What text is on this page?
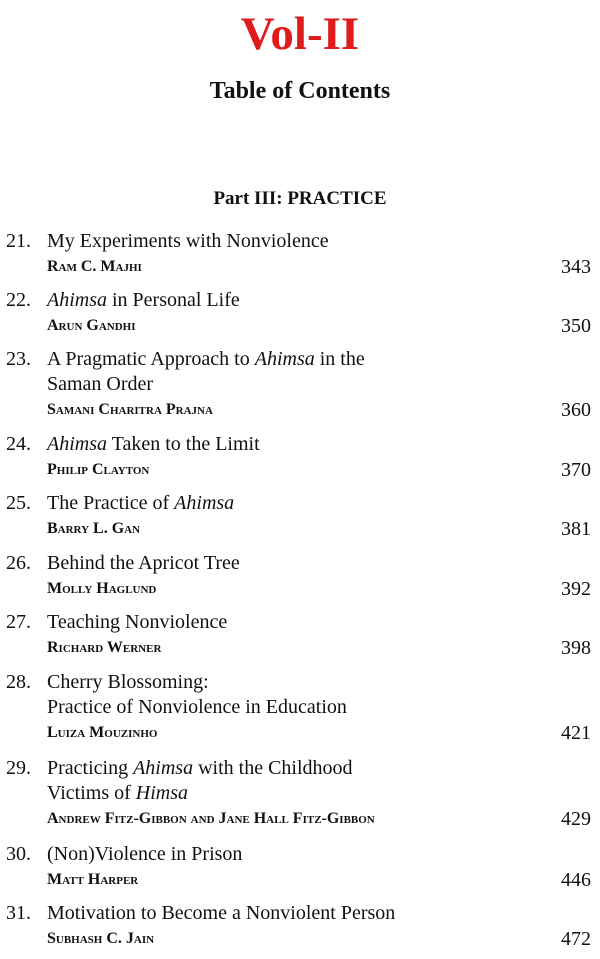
Vol-II
Table of Contents
Part III: PRACTICE
21. My Experiments with Nonviolence
Ram C. Majhi	343
22. Ahimsa in Personal Life
Arun Gandhi	350
23. A Pragmatic Approach to Ahimsa in the
Saman Order
Samani Charitra Prajna	360
24. Ahimsa Taken to the Limit
Philip Clayton	370
25. The Practice of Ahimsa
Barry L. Gan	381
26. Behind the Apricot Tree
Molly Haglund	392
27. Teaching Nonviolence
Richard Werner	398
28. Cherry Blossoming:
Practice of Nonviolence in Education
Luiza Mouzinho	421
29. Practicing Ahimsa with the Childhood
Victims of Himsa
Andrew Fitz-Gibbon and Jane Hall Fitz-Gibbon	429
30. (Non)Violence in Prison
Matt Harper	446
31. Motivation to Become a Nonviolent Person
Subhash C. Jain	472
